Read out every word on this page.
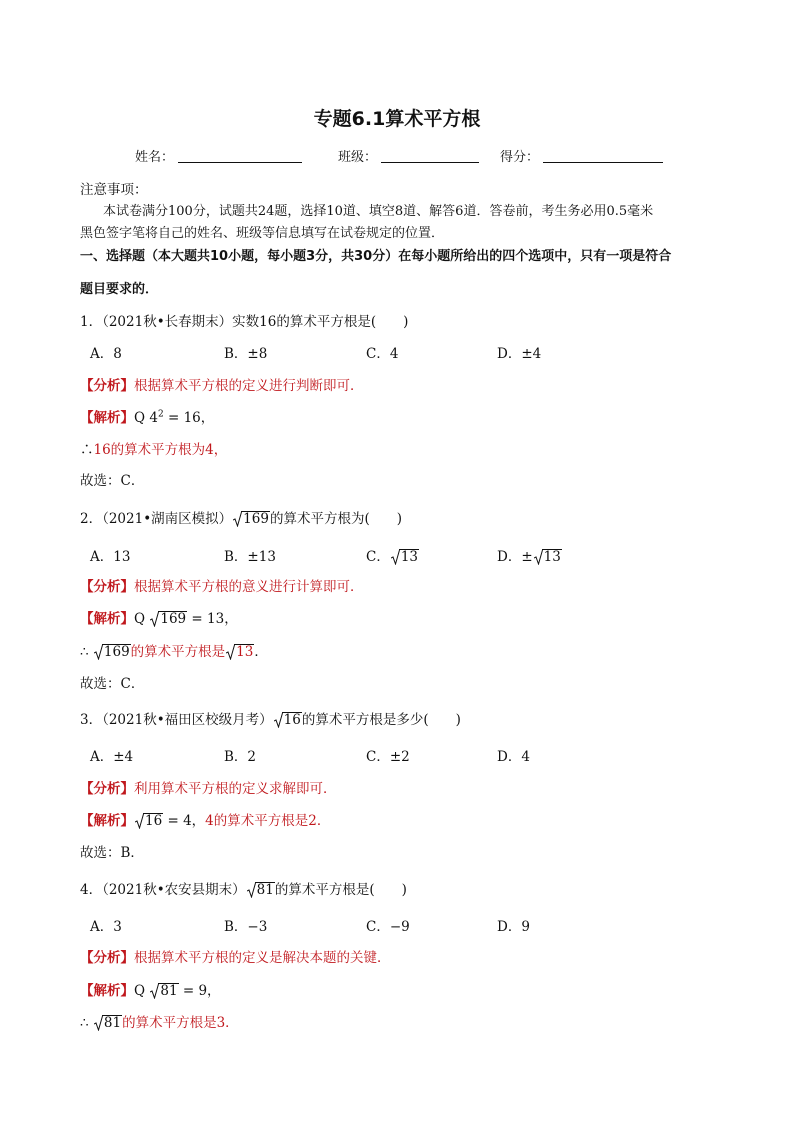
专题6.1算术平方根
姓名：	班级：	得分：
注意事项：
本试卷满分100分，试题共24题，选择10道、填空8道、解答6道．答卷前，考生务必用0.5毫米
黑色签字笔将自己的姓名、班级等信息填写在试卷规定的位置．
一、选择题（本大题共10小题，每小题3分，共30分）在每小题所给出的四个选项中，只有一项是符合
题目要求的．
1．（2021秋•长春期末）实数16的算术平方根是(　　)
A．8	B．±8	C．4	D．±4
【分析】根据算术平方根的定义进行判断即可．
【解析】Q $4^2 = 16$，
∴16的算术平方根为4，
故选：C．
2．（2021•湖南区模拟） 169的算术平方根为(　　)
A．13	B．±13	C． 13	D．± 13
【分析】根据算术平方根的意义进行计算即可．
【解析】Q
169 = 13，
∴
169的算术平方根是 13．
故选：C．
3．（2021秋•福田区校级月考） 16的算术平方根是多少(　　)
A．±4	B．2	C．±2	D．4
【分析】利用算术平方根的定义求解即可．
【解析】 16 = 4，4的算术平方根是2．
故选：B．
4．（2021秋•农安县期末） 81的算术平方根是(　　)
A．3	B．−3	C．−9	D．9
【分析】根据算术平方根的定义是解决本题的关键．
【解析】Q
81 = 9，
∴
81的算术平方根是3．
